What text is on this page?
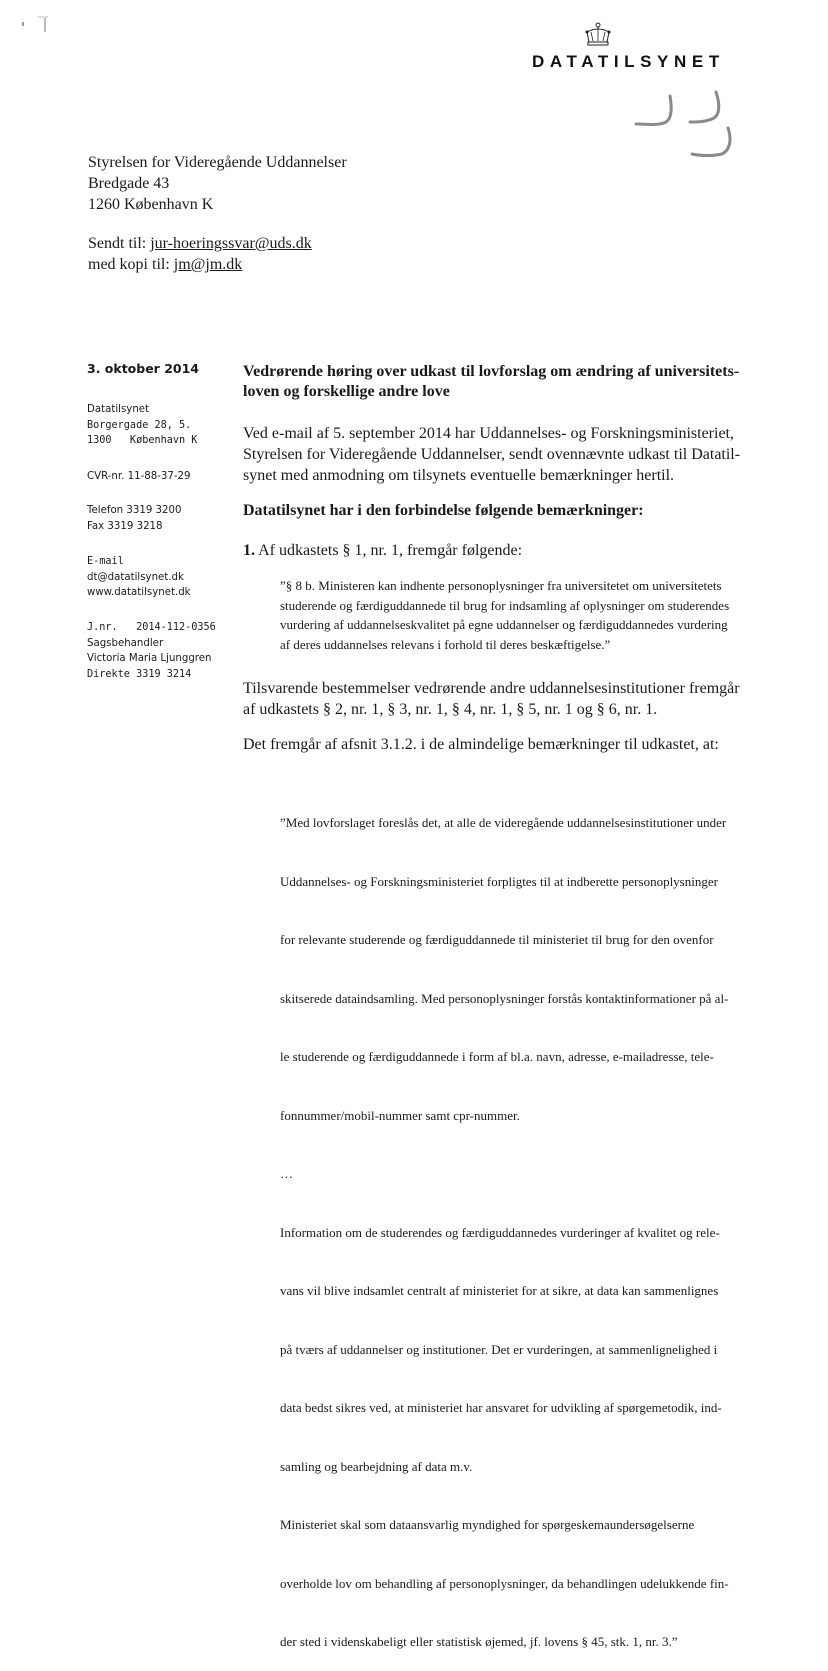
DATATILSYNET
Styrelsen for Videregående Uddannelser
Bredgade 43
1260 København K
Sendt til: jur-hoeringssvar@uds.dk
med kopi til: jm@jm.dk
3. oktober 2014
Datatilsynet
Borgergade 28, 5.
1300   København K
CVR-nr. 11-88-37-29
Telefon 3319 3200
Fax 3319 3218
E-mail
dt@datatilsynet.dk
www.datatilsynet.dk
J.nr.   2014-112-0356
Sagsbehandler
Victoria Maria Ljunggren
Direkte 3319 3214
Vedrørende høring over udkast til lovforslag om ændring af universitets- loven og forskellige andre love
Ved e-mail af 5. september 2014 har Uddannelses- og Forskningsministeriet,
Styrelsen for Videregående Uddannelser, sendt ovennævnte udkast til Datatil-
synet med anmodning om tilsynets eventuelle bemærkninger hertil.
Datatilsynet har i den forbindelse følgende bemærkninger:
1. Af udkastets § 1, nr. 1, fremgår følgende:
”§ 8 b. Ministeren kan indhente personoplysninger fra universitetet om universitetets
studerende og færdiguddannede til brug for indsamling af oplysninger om studerendes
vurdering af uddannelseskvalitet på egne uddannelser og færdiguddannedes vurdering
af deres uddannelses relevans i forhold til deres beskæftigelse.”
Tilsvarende bestemmelser vedrørende andre uddannelsesinstitutioner fremgår
af udkastets § 2, nr. 1, § 3, nr. 1, § 4, nr. 1, § 5, nr. 1 og § 6, nr. 1.
Det fremgår af afsnit 3.1.2. i de almindelige bemærkninger til udkastet, at:

”Med lovforslaget foreslås det, at alle de videregående uddannelsesinstitutioner under

Uddannelses- og Forskningsministeriet forpligtes til at indberette personoplysninger

for relevante studerende og færdiguddannede til ministeriet til brug for den ovenfor

skitserede dataindsamling. Med personoplysninger forstås kontaktinformationer på al-

le studerende og færdiguddannede i form af bl.a. navn, adresse, e-mailadresse, tele-

fonnummer/mobil-nummer samt cpr-nummer.

…

Information om de studerendes og færdiguddannedes vurderinger af kvalitet og rele-

vans vil blive indsamlet centralt af ministeriet for at sikre, at data kan sammenlignes

på tværs af uddannelser og institutioner. Det er vurderingen, at sammenlignelighed i

data bedst sikres ved, at ministeriet har ansvaret for udvikling af spørgemetodik, ind-

samling og bearbejdning af data m.v.

Ministeriet skal som dataansvarlig myndighed for spørgeskemaundersøgelserne

overholde lov om behandling af personoplysninger, da behandlingen udelukkende fin-

der sted i videnskabeligt eller statistisk øjemed, jf. lovens § 45, stk. 1, nr. 3.”
